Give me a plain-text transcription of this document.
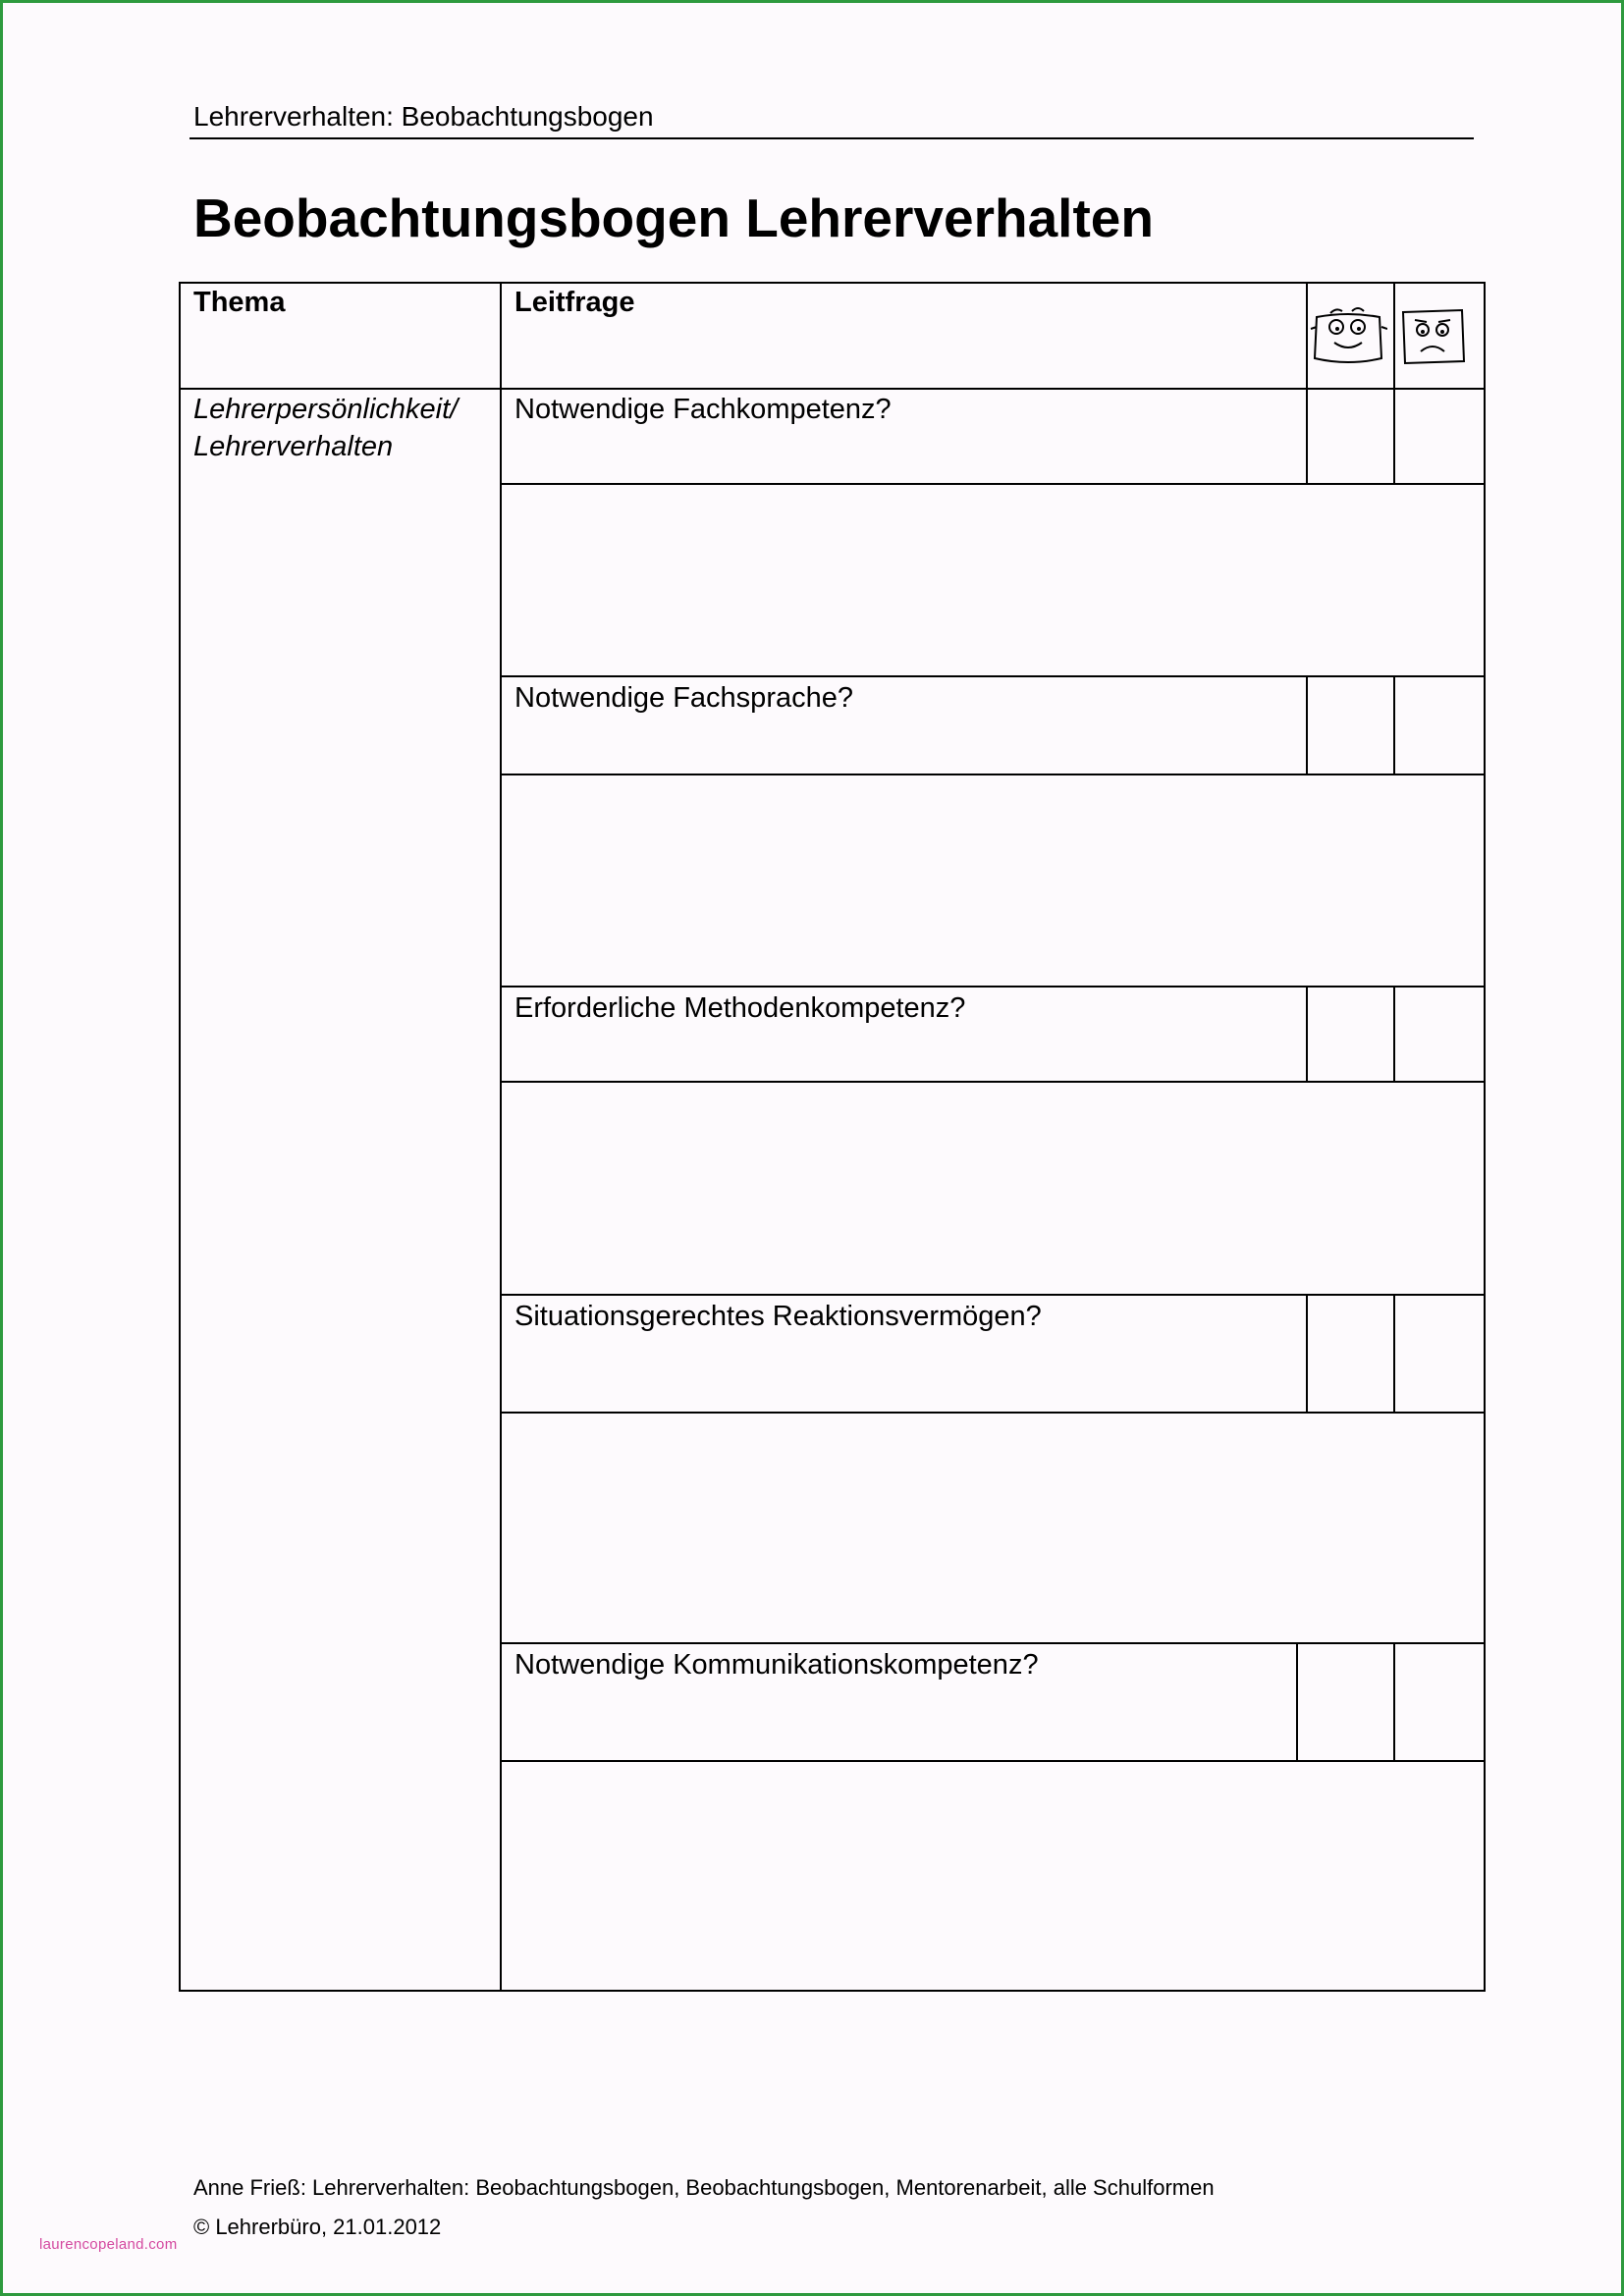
Lehrerverhalten: Beobachtungsbogen
Beobachtungsbogen Lehrerverhalten
Thema	Leitfrage
Lehrerpersönlichkeit/
Lehrerverhalten
Notwendige Fachkompetenz?
Notwendige Fachsprache?
Erforderliche Methodenkompetenz?
Situationsgerechtes Reaktionsvermögen?
Notwendige Kommunikationskompetenz?
Anne Frieß: Lehrerverhalten: Beobachtungsbogen, Beobachtungsbogen, Mentorenarbeit, alle Schulformen
© Lehrerbüro, 21.01.2012
laurencopeland.com
